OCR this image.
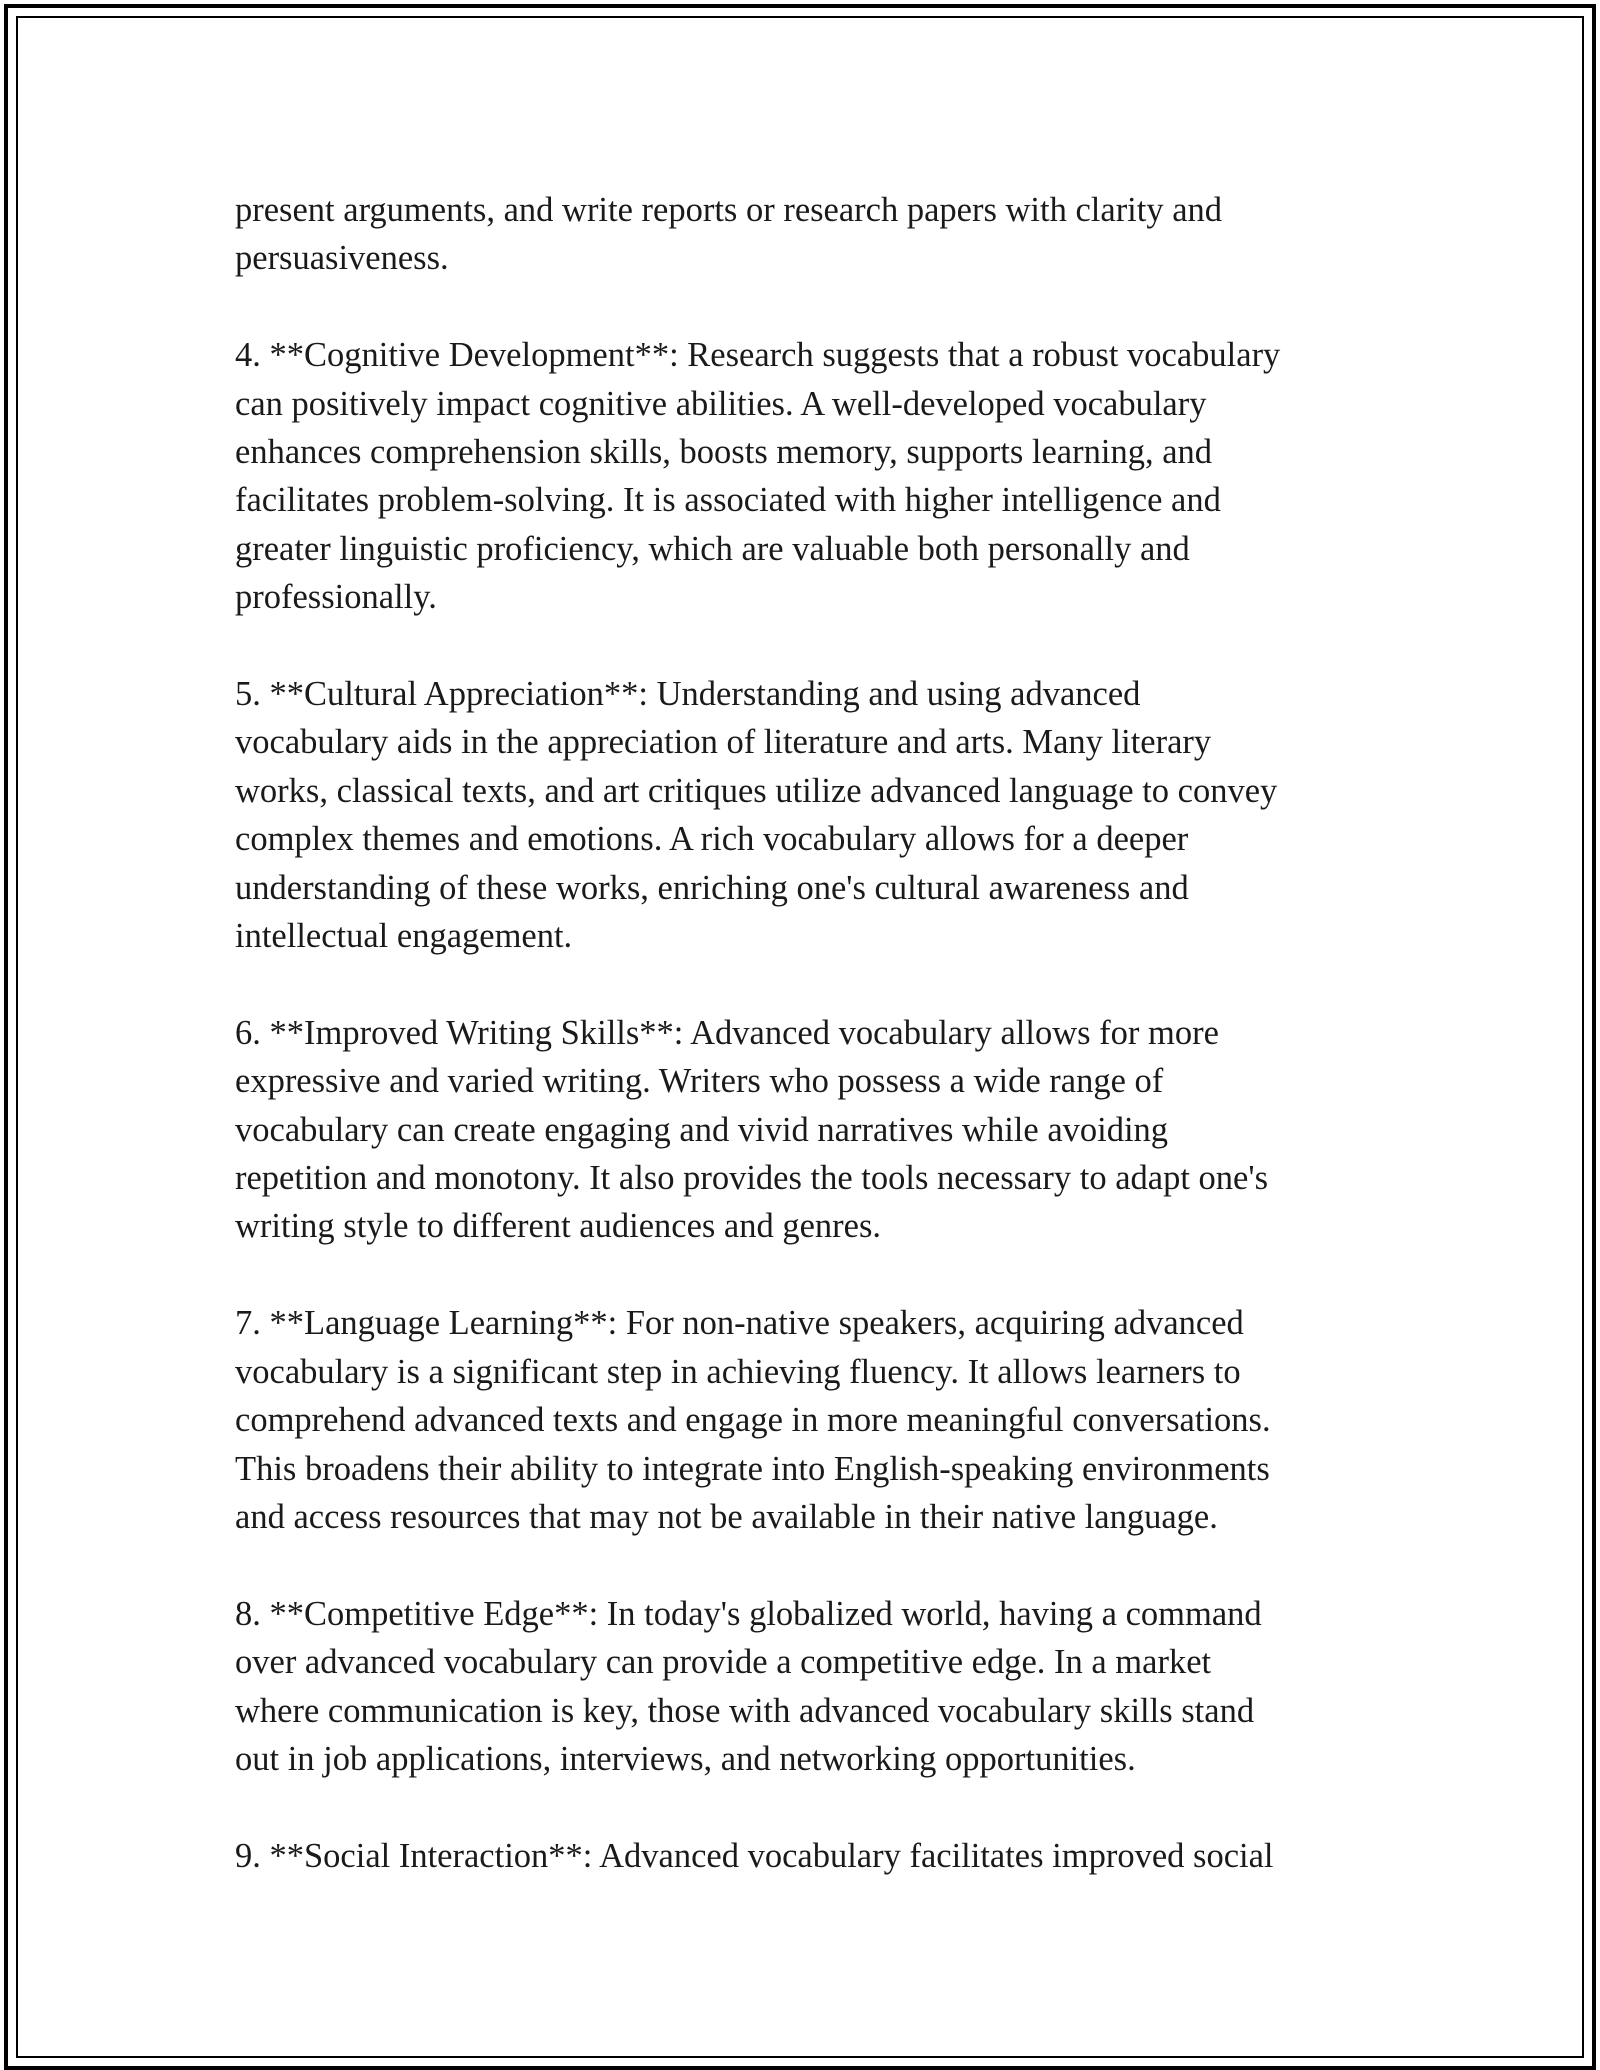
present arguments, and write reports or research papers with clarity and
persuasiveness.

4. **Cognitive Development**: Research suggests that a robust vocabulary
can positively impact cognitive abilities. A well-developed vocabulary
enhances comprehension skills, boosts memory, supports learning, and
facilitates problem-solving. It is associated with higher intelligence and
greater linguistic proficiency, which are valuable both personally and
professionally.

5. **Cultural Appreciation**: Understanding and using advanced
vocabulary aids in the appreciation of literature and arts. Many literary
works, classical texts, and art critiques utilize advanced language to convey
complex themes and emotions. A rich vocabulary allows for a deeper
understanding of these works, enriching one's cultural awareness and
intellectual engagement.

6. **Improved Writing Skills**: Advanced vocabulary allows for more
expressive and varied writing. Writers who possess a wide range of
vocabulary can create engaging and vivid narratives while avoiding
repetition and monotony. It also provides the tools necessary to adapt one's
writing style to different audiences and genres.

7. **Language Learning**: For non-native speakers, acquiring advanced
vocabulary is a significant step in achieving fluency. It allows learners to
comprehend advanced texts and engage in more meaningful conversations.
This broadens their ability to integrate into English-speaking environments
and access resources that may not be available in their native language.

8. **Competitive Edge**: In today's globalized world, having a command
over advanced vocabulary can provide a competitive edge. In a market
where communication is key, those with advanced vocabulary skills stand
out in job applications, interviews, and networking opportunities.

9. **Social Interaction**: Advanced vocabulary facilitates improved social
